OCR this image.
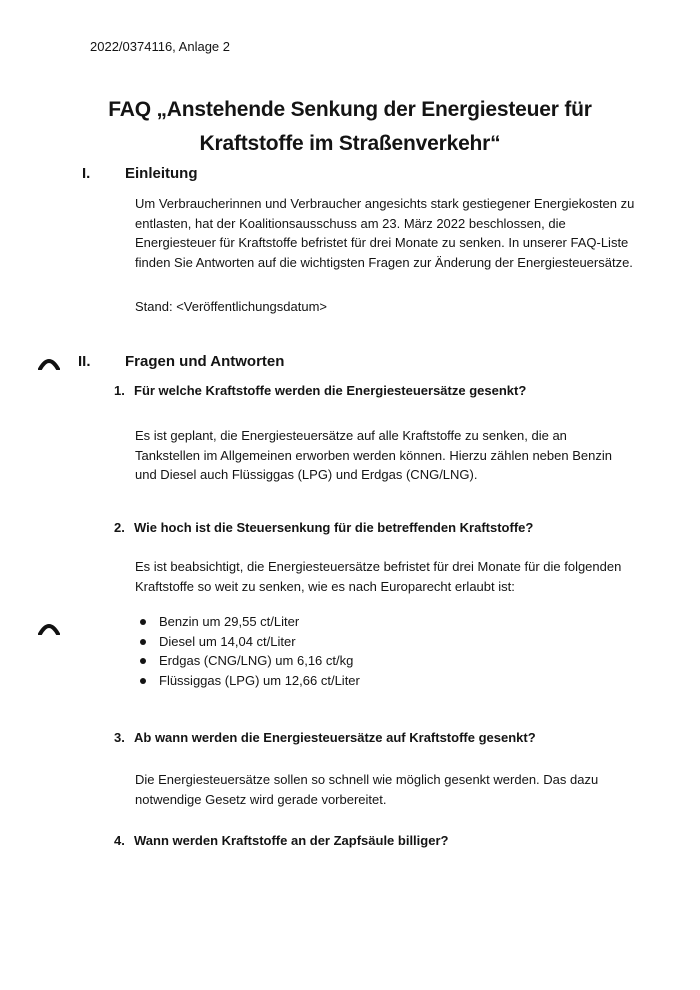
2022/0374116, Anlage 2
FAQ „Anstehende Senkung der Energiesteuer für
Kraftstoffe im Straßenverkehr“
I. Einleitung

Um Verbraucherinnen und Verbraucher angesichts stark gestiegener Energiekosten zu entlasten, hat der Koalitionsausschuss am 23. März 2022 beschlossen, die Energiesteuer für Kraftstoffe befristet für drei Monate zu senken. In unserer FAQ-Liste finden Sie Antworten auf die wichtigsten Fragen zur Änderung der Energiesteuersätze.

Stand: <Veröffentlichungsdatum>
II. Fragen und Antworten
1. Für welche Kraftstoffe werden die Energiesteuersätze gesenkt?
Es ist geplant, die Energiesteuersätze auf alle Kraftstoffe zu senken, die an Tankstellen im Allgemeinen erworben werden können. Hierzu zählen neben Benzin und Diesel auch Flüssiggas (LPG) und Erdgas (CNG/LNG).
2. Wie hoch ist die Steuersenkung für die betreffenden Kraftstoffe?
Es ist beabsichtigt, die Energiesteuersätze befristet für drei Monate für die folgenden Kraftstoffe so weit zu senken, wie es nach Europarecht erlaubt ist:
Benzin um 29,55 ct/Liter
Diesel um 14,04 ct/Liter
Erdgas (CNG/LNG) um 6,16 ct/kg
Flüssiggas (LPG) um 12,66 ct/Liter
3. Ab wann werden die Energiesteuersätze auf Kraftstoffe gesenkt?
Die Energiesteuersätze sollen so schnell wie möglich gesenkt werden. Das dazu notwendige Gesetz wird gerade vorbereitet.
4. Wann werden Kraftstoffe an der Zapfsäule billiger?
